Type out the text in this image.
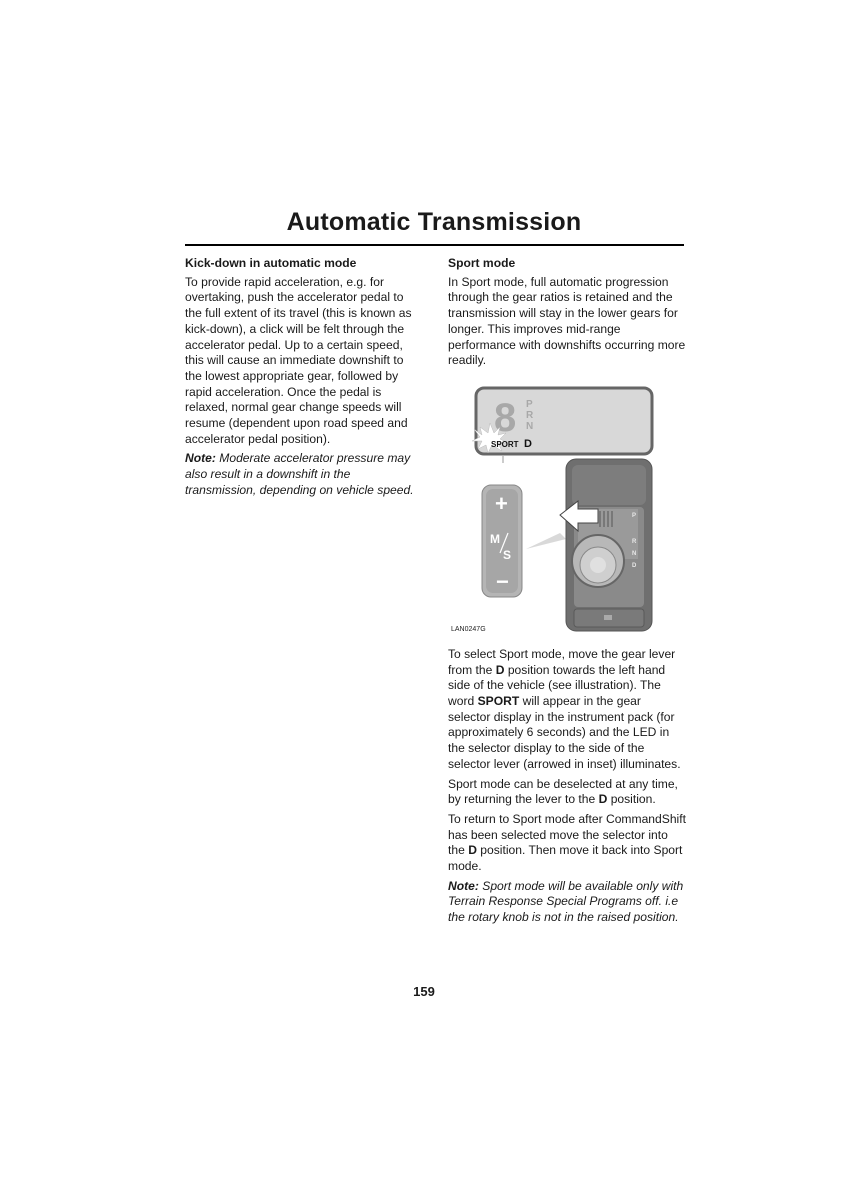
Automatic Transmission
Kick-down in automatic mode

To provide rapid acceleration, e.g. for overtaking, push the accelerator pedal to the full extent of its travel (this is known as kick-down), a click will be felt through the accelerator pedal. Up to a certain speed, this will cause an immediate downshift to the lowest appropriate gear, followed by rapid acceleration. Once the pedal is relaxed, normal gear change speeds will resume (dependent upon road speed and accelerator pedal position).

Note: Moderate accelerator pressure may also result in a downshift in the transmission, depending on vehicle speed.

Sport mode

In Sport mode, full automatic progression through the gear ratios is retained and the transmission will stay in the lower gears for longer. This improves mid-range performance with downshifts occurring more readily.

8 P
R
N
SPORT D
+
M
S
−
P
R
N
D
LAN0247G

To select Sport mode, move the gear lever from the D position towards the left hand side of the vehicle (see illustration). The word SPORT will appear in the gear selector display in the instrument pack (for approximately 6 seconds) and the LED in the selector display to the side of the selector lever (arrowed in inset) illuminates.

Sport mode can be deselected at any time, by returning the lever to the D position.

To return to Sport mode after CommandShift has been selected move the selector into the D position. Then move it back into Sport mode.

Note: Sport mode will be available only with Terrain Response Special Programs off. i.e the rotary knob is not in the raised position.

159
